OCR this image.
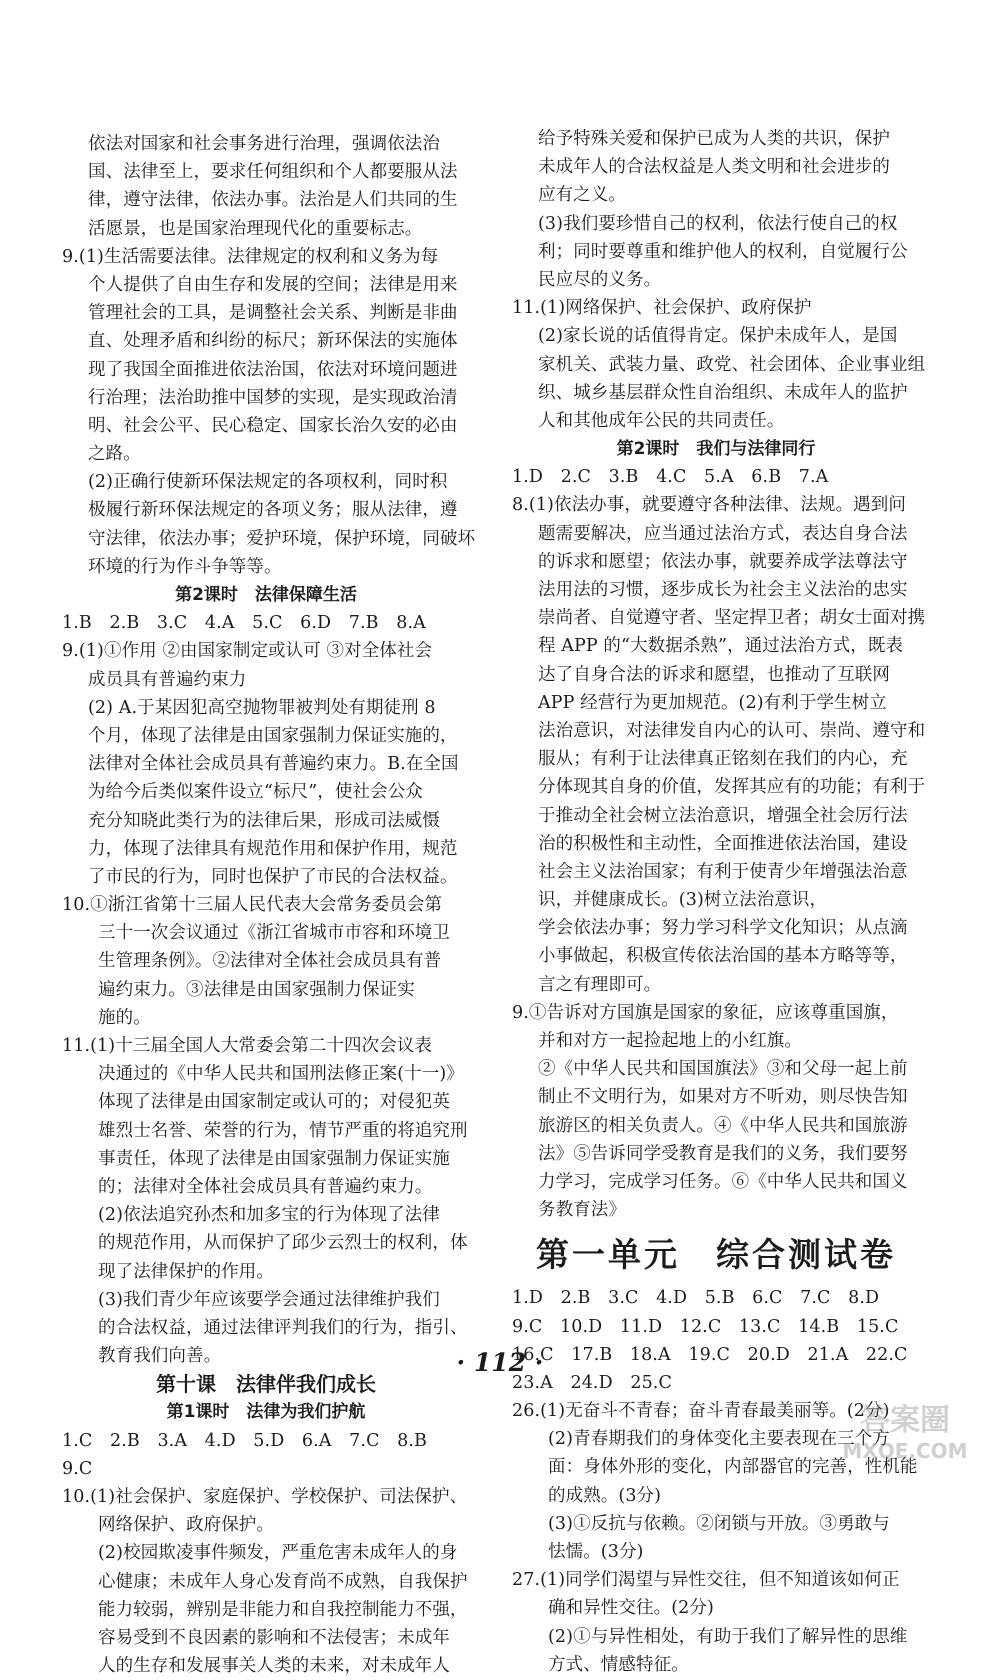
依法对国家和社会事务进行治理，强调依法治
国、法律至上，要求任何组织和个人都要服从法
律，遵守法律，依法办事。法治是人们共同的生
活愿景，也是国家治理现代化的重要标志。
9.(1)生活需要法律。法律规定的权利和义务为每
个人提供了自由生存和发展的空间；法律是用来
管理社会的工具，是调整社会关系、判断是非曲
直、处理矛盾和纠纷的标尺；新环保法的实施体
现了我国全面推进依法治国，依法对环境问题进
行治理；法治助推中国梦的实现，是实现政治清
明、社会公平、民心稳定、国家长治久安的必由
之路。
(2)正确行使新环保法规定的各项权利，同时积
极履行新环保法规定的各项义务；服从法律，遵
守法律，依法办事；爱护环境，保护环境，同破坏
环境的行为作斗争等等。
第2课时　法律保障生活
1.B　2.B　3.C　4.A　5.C　6.D　7.B　8.A
9.(1)①作用 ②由国家制定或认可 ③对全体社会
成员具有普遍约束力
(2) A.于某因犯高空抛物罪被判处有期徒刑 8
个月，体现了法律是由国家强制力保证实施的，
法律对全体社会成员具有普遍约束力。B.在全国
为给今后类似案件设立“标尺”，使社会公众
充分知晓此类行为的法律后果，形成司法威慑
力，体现了法律具有规范作用和保护作用，规范
了市民的行为，同时也保护了市民的合法权益。
10.①浙江省第十三届人民代表大会常务委员会第
三十一次会议通过《浙江省城市市容和环境卫
生管理条例》。②法律对全体社会成员具有普
遍约束力。③法律是由国家强制力保证实
施的。
11.(1)十三届全国人大常委会第二十四次会议表
决通过的《中华人民共和国刑法修正案(十一)》
体现了法律是由国家制定或认可的；对侵犯英
雄烈士名誉、荣誉的行为，情节严重的将追究刑
事责任，体现了法律是由国家强制力保证实施
的；法律对全体社会成员具有普遍约束力。
(2)依法追究孙杰和加多宝的行为体现了法律
的规范作用，从而保护了邱少云烈士的权利，体
现了法律保护的作用。
(3)我们青少年应该要学会通过法律维护我们
的合法权益，通过法律评判我们的行为，指引、
教育我们向善。
第十课　法律伴我们成长
第1课时　法律为我们护航
1.C　2.B　3.A　4.D　5.D　6.A　7.C　8.B
9.C
10.(1)社会保护、家庭保护、学校保护、司法保护、
网络保护、政府保护。
(2)校园欺凌事件频发，严重危害未成年人的身
心健康；未成年人身心发育尚不成熟，自我保护
能力较弱，辨别是非能力和自我控制能力不强，
容易受到不良因素的影响和不法侵害；未成年
人的生存和发展事关人类的未来，对未成年人
给予特殊关爱和保护已成为人类的共识，保护
未成年人的合法权益是人类文明和社会进步的
应有之义。
(3)我们要珍惜自己的权利，依法行使自己的权
利；同时要尊重和维护他人的权利，自觉履行公
民应尽的义务。
11.(1)网络保护、社会保护、政府保护
(2)家长说的话值得肯定。保护未成年人，是国
家机关、武装力量、政党、社会团体、企业事业组
织、城乡基层群众性自治组织、未成年人的监护
人和其他成年公民的共同责任。
第2课时　我们与法律同行
1.D　2.C　3.B　4.C　5.A　6.B　7.A
8.(1)依法办事，就要遵守各种法律、法规。遇到问
题需要解决，应当通过法治方式，表达自身合法
的诉求和愿望；依法办事，就要养成学法尊法守
法用法的习惯，逐步成长为社会主义法治的忠实
崇尚者、自觉遵守者、坚定捍卫者；胡女士面对携
程 APP 的“大数据杀熟”，通过法治方式，既表
达了自身合法的诉求和愿望，也推动了互联网
APP 经营行为更加规范。(2)有利于学生树立
法治意识，对法律发自内心的认可、崇尚、遵守和
服从；有利于让法律真正铭刻在我们的内心，充
分体现其自身的价值，发挥其应有的功能；有利于
于推动全社会树立法治意识，增强全社会厉行法
治的积极性和主动性，全面推进依法治国，建设
社会主义法治国家；有利于使青少年增强法治意
识，并健康成长。(3)树立法治意识，
学会依法办事；努力学习科学文化知识；从点滴
小事做起，积极宣传依法治国的基本方略等等，
言之有理即可。
9.①告诉对方国旗是国家的象征，应该尊重国旗，
并和对方一起捡起地上的小红旗。
②《中华人民共和国国旗法》③和父母一起上前
制止不文明行为，如果对方不听劝，则尽快告知
旅游区的相关负责人。④《中华人民共和国旅游
法》⑤告诉同学受教育是我们的义务，我们要努
力学习，完成学习任务。⑥《中华人民共和国义
务教育法》
第一单元　综合测试卷
1.D　2.B　3.C　4.D　5.B　6.C　7.C　8.D
9.C　10.D　11.D　12.C　13.C　14.B　15.C
16.C　17.B　18.A　19.C　20.D　21.A　22.C
23.A　24.D　25.C
26.(1)无奋斗不青春；奋斗青春最美丽等。(2分)
(2)青春期我们的身体变化主要表现在三个方
面：身体外形的变化，内部器官的完善，性机能
的成熟。(3分)
(3)①反抗与依赖。②闭锁与开放。③勇敢与
怯懦。(3分)
27.(1)同学们渴望与异性交往，但不知道该如何正
确和异性交往。(2分)
(2)①与异性相处，有助于我们了解异性的思维
方式、情感特征。
· 112 ·
答案圈
MXQE.COM
